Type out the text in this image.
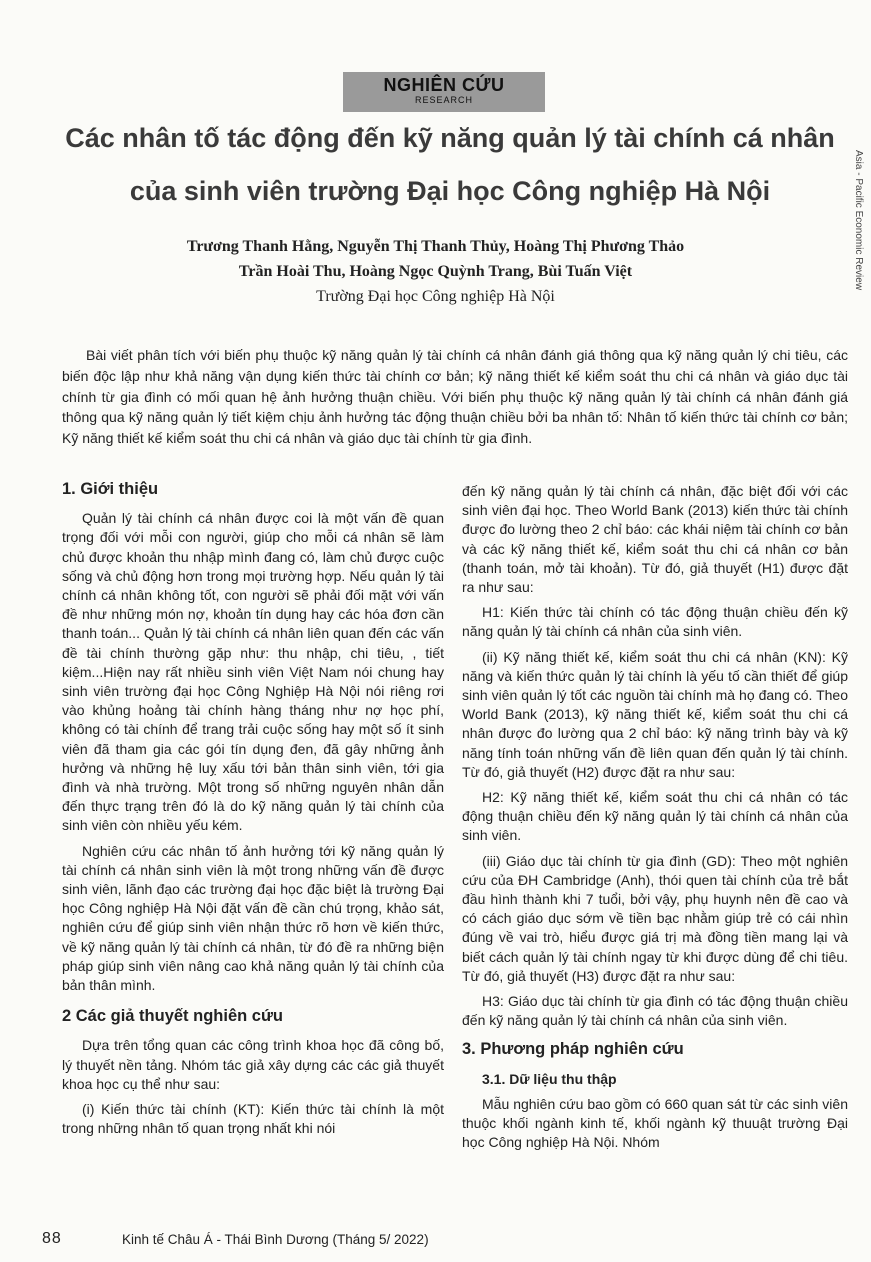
NGHIÊN CỨU
RESEARCH
Asia - Pacific Economic Review
Các nhân tố tác động đến kỹ năng quản lý tài chính cá nhân
của sinh viên trường Đại học Công nghiệp Hà Nội
Trương Thanh Hằng, Nguyễn Thị Thanh Thủy, Hoàng Thị Phương Thảo
Trần Hoài Thu, Hoàng Ngọc Quỳnh Trang, Bùi Tuấn Việt
Trường Đại học Công nghiệp Hà Nội

Bài viết phân tích với biến phụ thuộc kỹ năng quản lý tài chính cá nhân đánh giá thông qua kỹ năng quản lý chi tiêu, các biến độc lập như khả năng vận dụng kiến thức tài chính cơ bản; kỹ năng thiết kế kiểm soát thu chi cá nhân và giáo dục tài chính từ gia đình có mối quan hệ ảnh hưởng thuận chiều. Với biến phụ thuộc kỹ năng quản lý tài chính cá nhân đánh giá thông qua kỹ năng quản lý tiết kiệm chịu ảnh hưởng tác động thuận chiều bởi ba nhân tố: Nhân tố kiến thức tài chính cơ bản; Kỹ năng thiết kế kiểm soát thu chi cá nhân và giáo dục tài chính từ gia đình.

1. Giới thiệu

Quản lý tài chính cá nhân được coi là một vấn đề quan trọng đối với mỗi con người, giúp cho mỗi cá nhân sẽ làm chủ được khoản thu nhập mình đang có, làm chủ được cuộc sống và chủ động hơn trong mọi trường hợp. Nếu quản lý tài chính cá nhân không tốt, con người sẽ phải đối mặt với vấn đề như những món nợ, khoản tín dụng hay các hóa đơn cần thanh toán... Quản lý tài chính cá nhân liên quan đến các vấn đề tài chính thường gặp như: thu nhập, chi tiêu, , tiết kiệm...Hiện nay rất nhiều sinh viên Việt Nam nói chung hay sinh viên trường đại học Công Nghiệp Hà Nội nói riêng rơi vào khủng hoảng tài chính hàng tháng như nợ học phí, không có tài chính để trang trải cuộc sống hay một số ít sinh viên đã tham gia các gói tín dụng đen, đã gây những ảnh hưởng và những hệ luỵ xấu tới bản thân sinh viên, tới gia đình và nhà trường. Một trong số những nguyên nhân dẫn đến thực trạng trên đó là do kỹ năng quản lý tài chính của sinh viên còn nhiều yếu kém.

Nghiên cứu các nhân tố ảnh hưởng tới kỹ năng quản lý tài chính cá nhân sinh viên là một trong những vấn đề được sinh viên, lãnh đạo các trường đại học đặc biệt là trường Đại học Công nghiệp Hà Nội đặt vấn đề cần chú trọng, khảo sát, nghiên cứu để giúp sinh viên nhận thức rõ hơn về kiến thức, về kỹ năng quản lý tài chính cá nhân, từ đó đề ra những biện pháp giúp sinh viên nâng cao khả năng quản lý tài chính của bản thân mình.

2 Các giả thuyết nghiên cứu

Dựa trên tổng quan các công trình khoa học đã công bố, lý thuyết nền tảng. Nhóm tác giả xây dựng các các giả thuyết khoa học cụ thể như sau:

(i) Kiến thức tài chính (KT): Kiến thức tài chính là một trong những nhân tố quan trọng nhất khi nói

đến kỹ năng quản lý tài chính cá nhân, đặc biệt đối với các sinh viên đại học. Theo World Bank (2013) kiến thức tài chính được đo lường theo 2 chỉ báo: các khái niệm tài chính cơ bản và các kỹ năng thiết kế, kiểm soát thu chi cá nhân cơ bản (thanh toán, mở tài khoản). Từ đó, giả thuyết (H1) được đặt ra như sau:

H1: Kiến thức tài chính có tác động thuận chiều đến kỹ năng quản lý tài chính cá nhân của sinh viên.

(ii) Kỹ năng thiết kế, kiểm soát thu chi cá nhân (KN): Kỹ năng và kiến thức quản lý tài chính là yếu tố cần thiết để giúp sinh viên quản lý tốt các nguồn tài chính mà họ đang có. Theo World Bank (2013), kỹ năng thiết kế, kiểm soát thu chi cá nhân được đo lường qua 2 chỉ báo: kỹ năng trình bày và kỹ năng tính toán những vấn đề liên quan đến quản lý tài chính. Từ đó, giả thuyết (H2) được đặt ra như sau:

H2: Kỹ năng thiết kế, kiểm soát thu chi cá nhân có tác động thuận chiều đến kỹ năng quản lý tài chính cá nhân của sinh viên.

(iii) Giáo dục tài chính từ gia đình (GD): Theo một nghiên cứu của ĐH Cambridge (Anh), thói quen tài chính của trẻ bắt đầu hình thành khi 7 tuổi, bởi vậy, phụ huynh nên đề cao và có cách giáo dục sớm về tiền bạc nhằm giúp trẻ có cái nhìn đúng về vai trò, hiểu được giá trị mà đồng tiền mang lại và biết cách quản lý tài chính ngay từ khi được dùng để chi tiêu. Từ đó, giả thuyết (H3) được đặt ra như sau:

H3: Giáo dục tài chính từ gia đình có tác động thuận chiều đến kỹ năng quản lý tài chính cá nhân của sinh viên.

3. Phương pháp nghiên cứu
3.1. Dữ liệu thu thập

Mẫu nghiên cứu bao gồm có 660 quan sát từ các sinh viên thuộc khối ngành kinh tế, khối ngành kỹ thuuật trường Đại học Công nghiệp Hà Nội. Nhóm

88	Kinh tế Châu Á - Thái Bình Dương (Tháng 5/ 2022)
